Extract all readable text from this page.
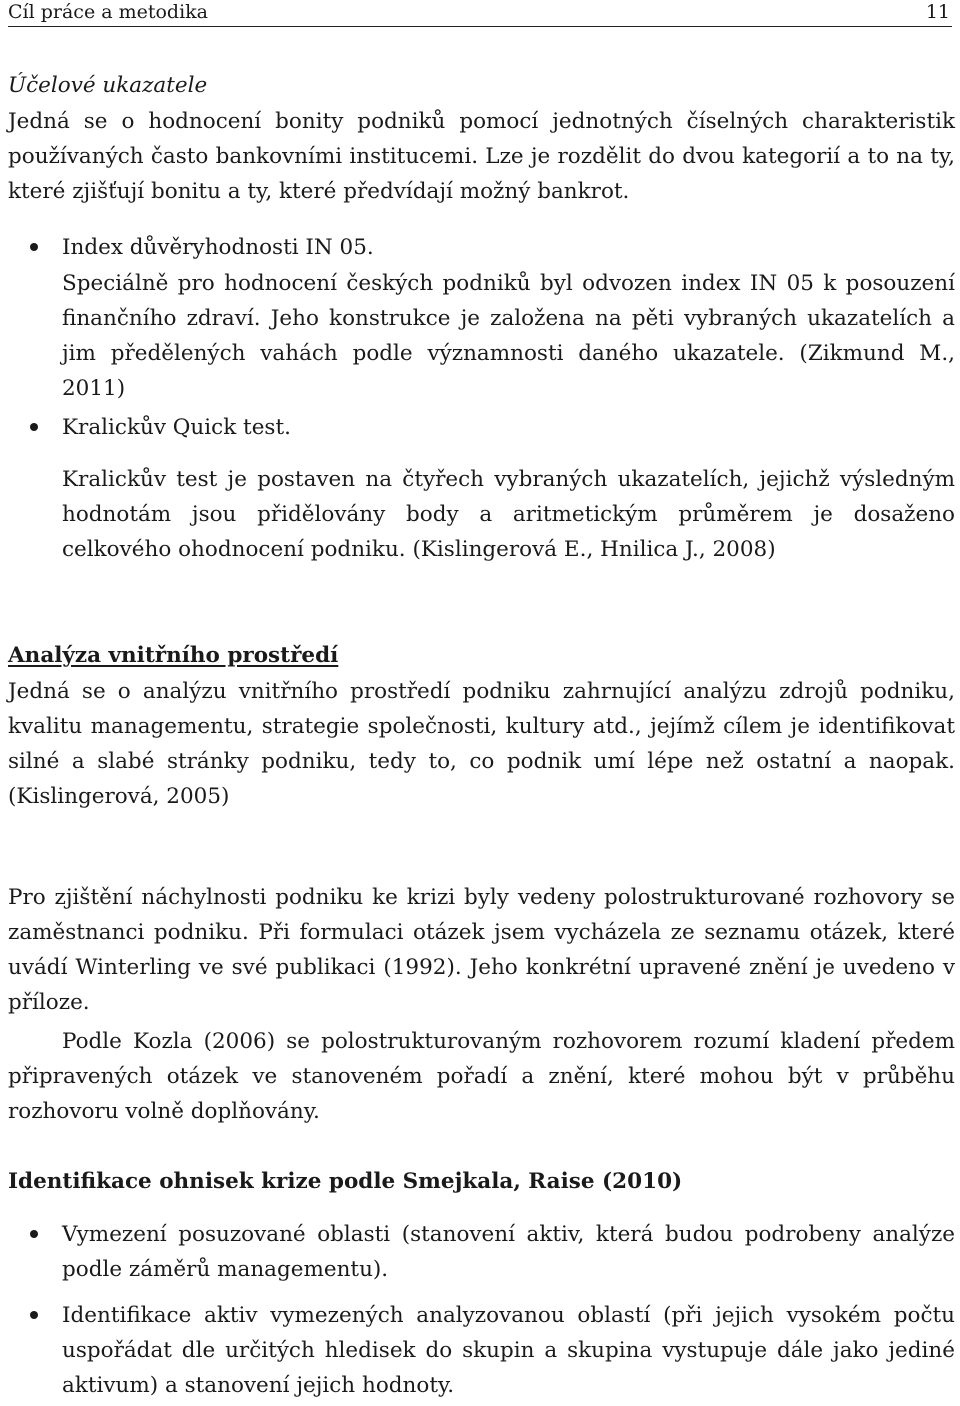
Cíl práce a metodika	11

Účelové ukazatele

Jedná se o hodnocení bonity podniků pomocí jednotných číselných charakteristik používaných často bankovními institucemi. Lze je rozdělit do dvou kategorií a to na ty, které zjišťují bonitu a ty, které předvídají možný bankrot.

Index důvěryhodnosti IN 05.

Speciálně pro hodnocení českých podniků byl odvozen index IN 05 k posouzení finančního zdraví. Jeho konstrukce je založena na pěti vybraných ukazatelích a jim předělených vahách podle významnosti daného ukazatele. (Zikmund M., 2011)

Kralickův Quick test.

Kralickův test je postaven na čtyřech vybraných ukazatelích, jejichž výsledným hodnotám jsou přidělovány body a aritmetickým průměrem je dosaženo celkového ohodnocení podniku. (Kislingerová E., Hnilica J., 2008)

Analýza vnitřního prostředí

Jedná se o analýzu vnitřního prostředí podniku zahrnující analýzu zdrojů podniku, kvalitu managementu, strategie společnosti, kultury atd., jejímž cílem je identifikovat silné a slabé stránky podniku, tedy to, co podnik umí lépe než ostatní a naopak. (Kislingerová, 2005)

Pro zjištění náchylnosti podniku ke krizi byly vedeny polostrukturované rozhovory se zaměstnanci podniku. Při formulaci otázek jsem vycházela ze seznamu otázek, které uvádí Winterling ve své publikaci (1992). Jeho konkrétní upravené znění je uvedeno v příloze.

Podle Kozla (2006) se polostrukturovaným rozhovorem rozumí kladení předem připravených otázek ve stanoveném pořadí a znění, které mohou být v průběhu rozhovoru volně doplňovány.

Identifikace ohnisek krize podle Smejkala, Raise (2010)

Vymezení posuzované oblasti (stanovení aktiv, která budou podrobeny analýze podle záměrů managementu).

Identifikace aktiv vymezených analyzovanou oblastí (při jejich vysokém počtu uspořádat dle určitých hledisek do skupin a skupina vystupuje dále jako jediné aktivum) a stanovení jejich hodnoty.
